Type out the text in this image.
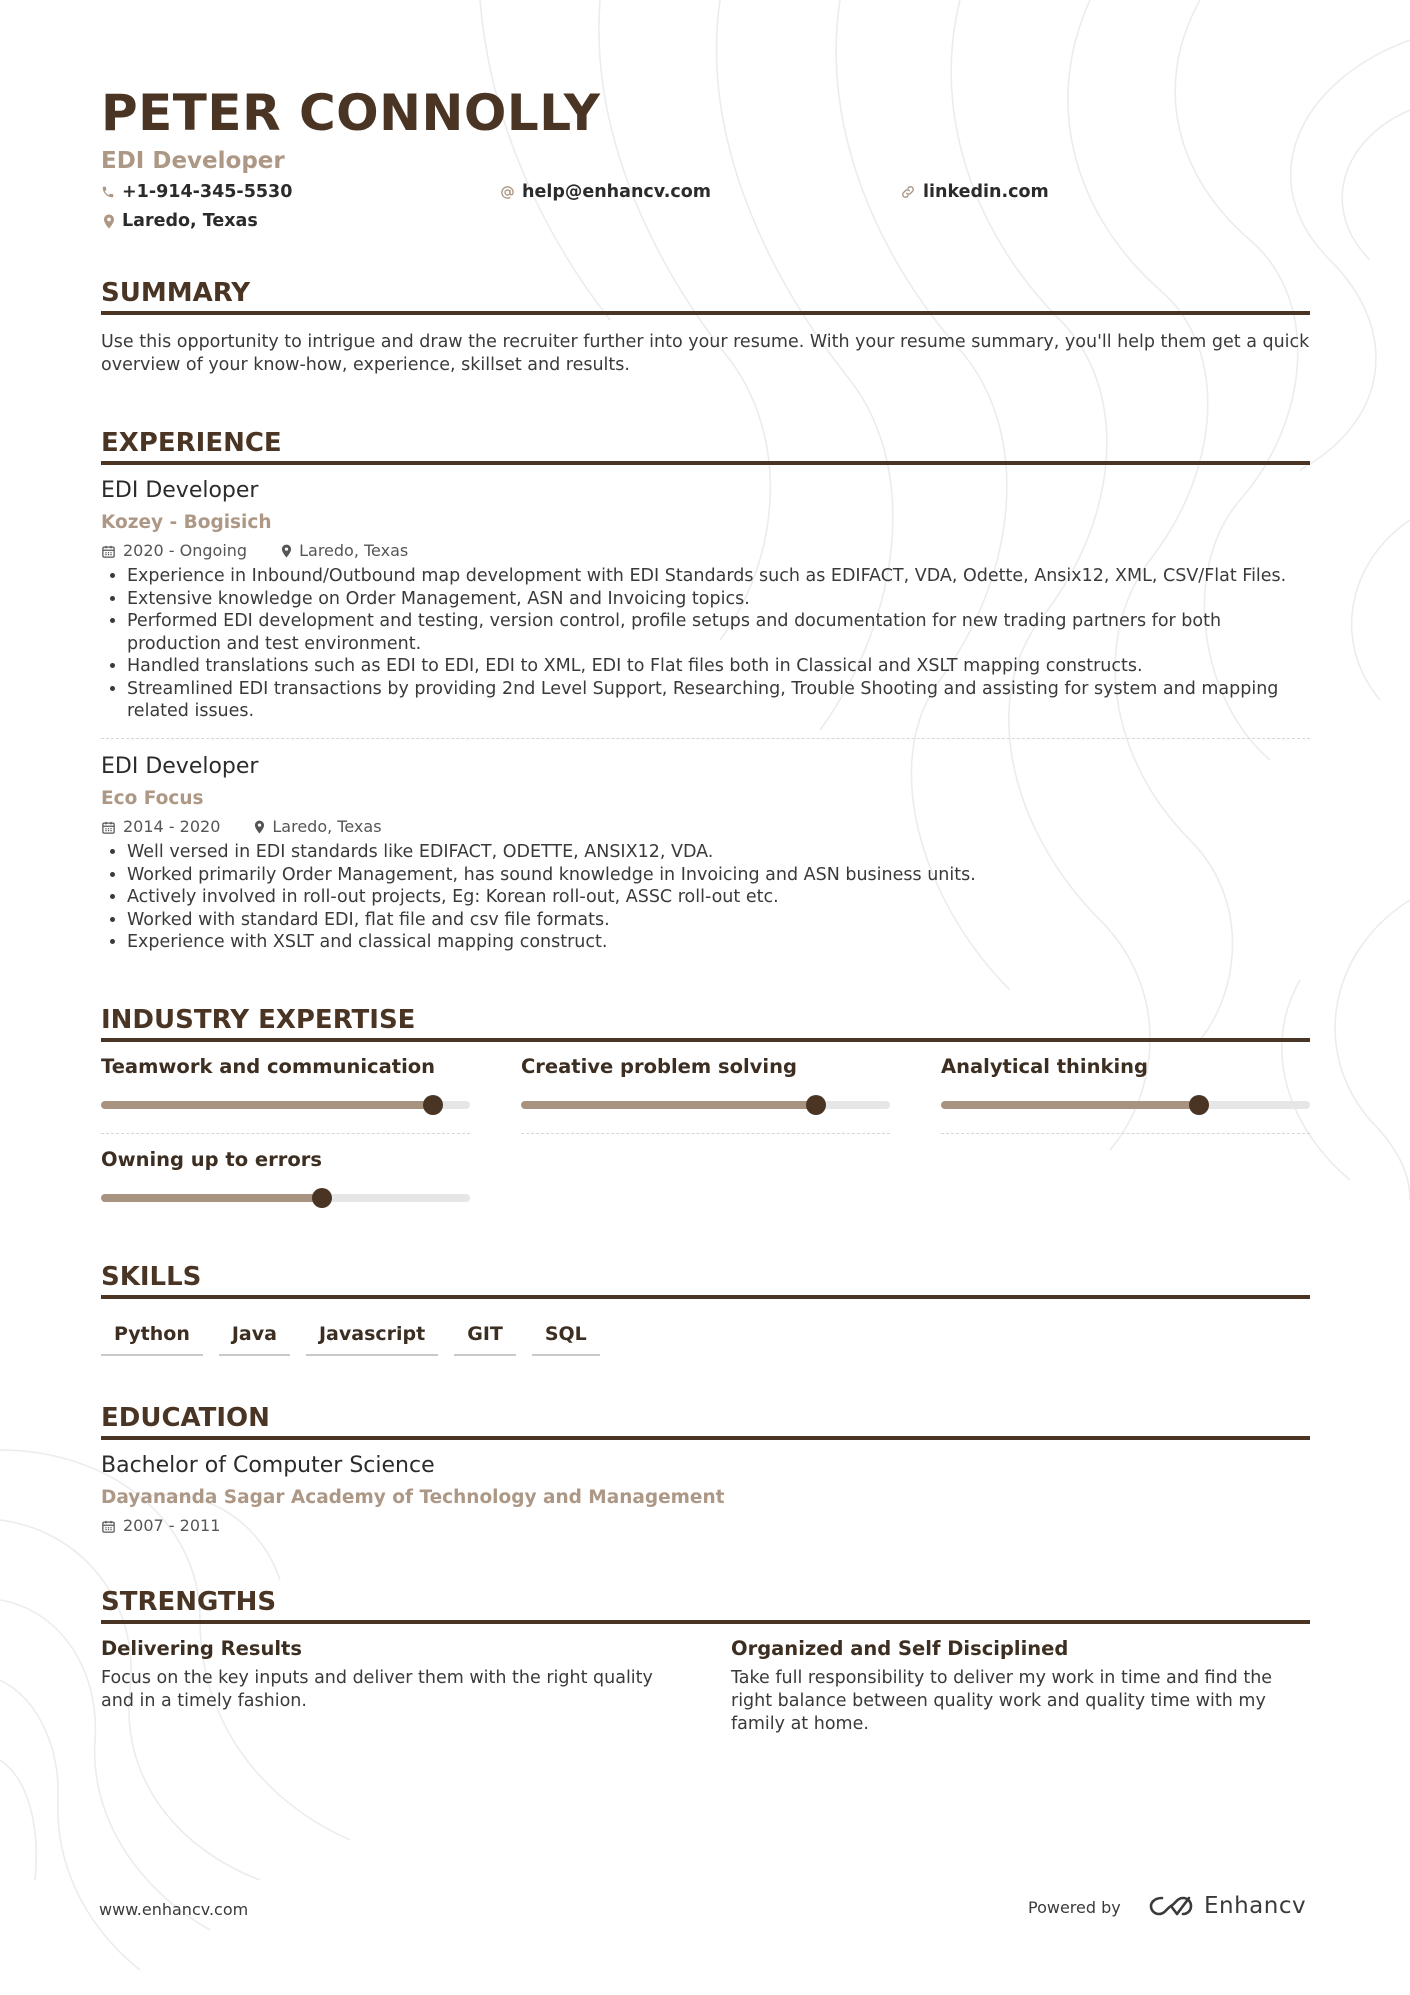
PETER CONNOLLY
EDI Developer
+1-914-345-5530	help@enhancv.com	linkedin.com
Laredo, Texas
SUMMARY

Use this opportunity to intrigue and draw the recruiter further into your resume. With your resume summary, you'll help them get a quick overview of your know-how, experience, skillset and results.

EXPERIENCE
EDI Developer
Kozey - Bogisich
2020 - Ongoing	Laredo, Texas
• Experience in Inbound/Outbound map development with EDI Standards such as EDIFACT, VDA, Odette, Ansix12, XML, CSV/Flat Files.
• Extensive knowledge on Order Management, ASN and Invoicing topics.
• Performed EDI development and testing, version control, profile setups and documentation for new trading partners for both production and test environment.
• Handled translations such as EDI to EDI, EDI to XML, EDI to Flat files both in Classical and XSLT mapping constructs.
• Streamlined EDI transactions by providing 2nd Level Support, Researching, Trouble Shooting and assisting for system and mapping related issues.
EDI Developer
Eco Focus
2014 - 2020	Laredo, Texas
• Well versed in EDI standards like EDIFACT, ODETTE, ANSIX12, VDA.
• Worked primarily Order Management, has sound knowledge in Invoicing and ASN business units.
• Actively involved in roll-out projects, Eg: Korean roll-out, ASSC roll-out etc.
• Worked with standard EDI, flat file and csv file formats.
• Experience with XSLT and classical mapping construct.
INDUSTRY EXPERTISE
Teamwork and communication	Creative problem solving	Analytical thinking
Owning up to errors
SKILLS
Python	Java	Javascript	GIT	SQL
EDUCATION
Bachelor of Computer Science
Dayananda Sagar Academy of Technology and Management
2007 - 2011
STRENGTHS
Delivering Results
Focus on the key inputs and deliver them with the right quality and in a timely fashion.
Organized and Self Disciplined
Take full responsibility to deliver my work in time and find the right balance between quality work and quality time with my family at home.
www.enhancv.com	Powered by	Enhancv
